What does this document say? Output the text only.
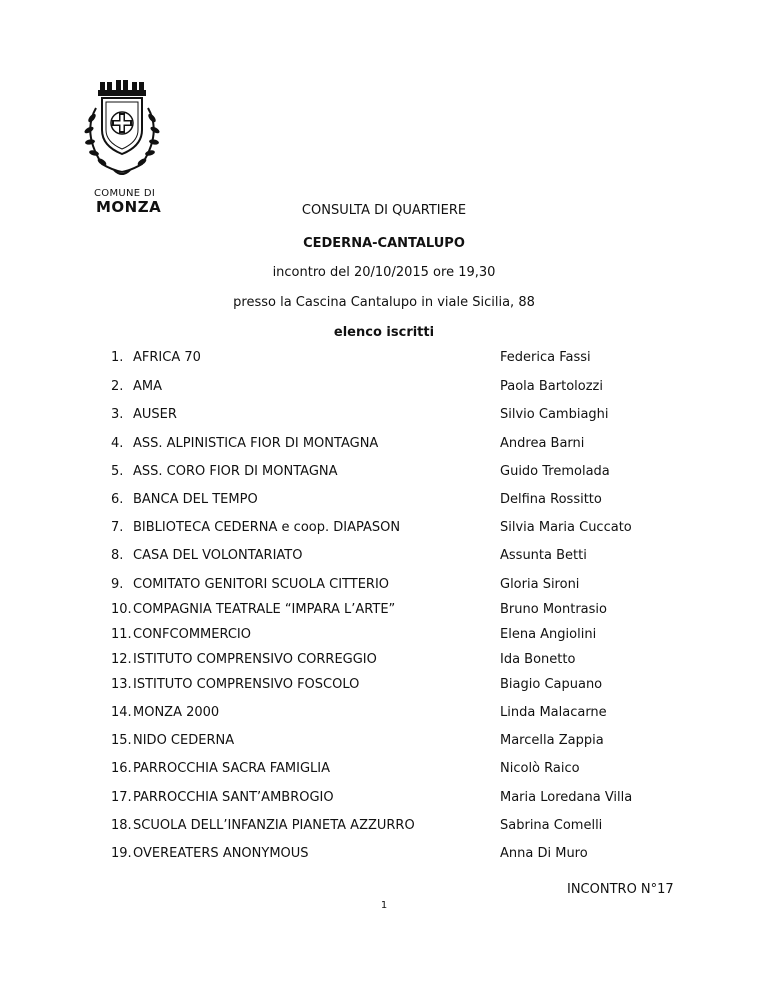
COMUNE DI
MONZA	CONSULTA DI QUARTIERE
CEDERNA-CANTALUPO
incontro del 20/10/2015 ore 19,30
presso la Cascina Cantalupo in viale Sicilia, 88
elenco iscritti
1. AFRICA 70	Federica Fassi
2. AMA	Paola Bartolozzi
3. AUSER	Silvio Cambiaghi
4. ASS. ALPINISTICA FIOR DI MONTAGNA	Andrea Barni
5. ASS. CORO FIOR DI MONTAGNA	Guido Tremolada
6. BANCA DEL TEMPO	Delfina Rossitto
7. BIBLIOTECA CEDERNA e coop. DIAPASON	Silvia Maria Cuccato
8. CASA DEL VOLONTARIATO	Assunta Betti
9. COMITATO GENITORI SCUOLA CITTERIO	Gloria Sironi
10. COMPAGNIA TEATRALE “IMPARA L’ARTE”	Bruno Montrasio
11. CONFCOMMERCIO	Elena Angiolini
12. ISTITUTO COMPRENSIVO CORREGGIO	Ida Bonetto
13. ISTITUTO COMPRENSIVO FOSCOLO	Biagio Capuano
14. MONZA 2000	Linda Malacarne
15. NIDO CEDERNA	Marcella Zappia
16. PARROCCHIA SACRA FAMIGLIA	Nicolò Raico
17. PARROCCHIA SANT’AMBROGIO	Maria Loredana Villa
18. SCUOLA DELL’INFANZIA PIANETA AZZURRO	Sabrina Comelli
19. OVEREATERS ANONYMOUS	Anna Di Muro
INCONTRO N°17
1
